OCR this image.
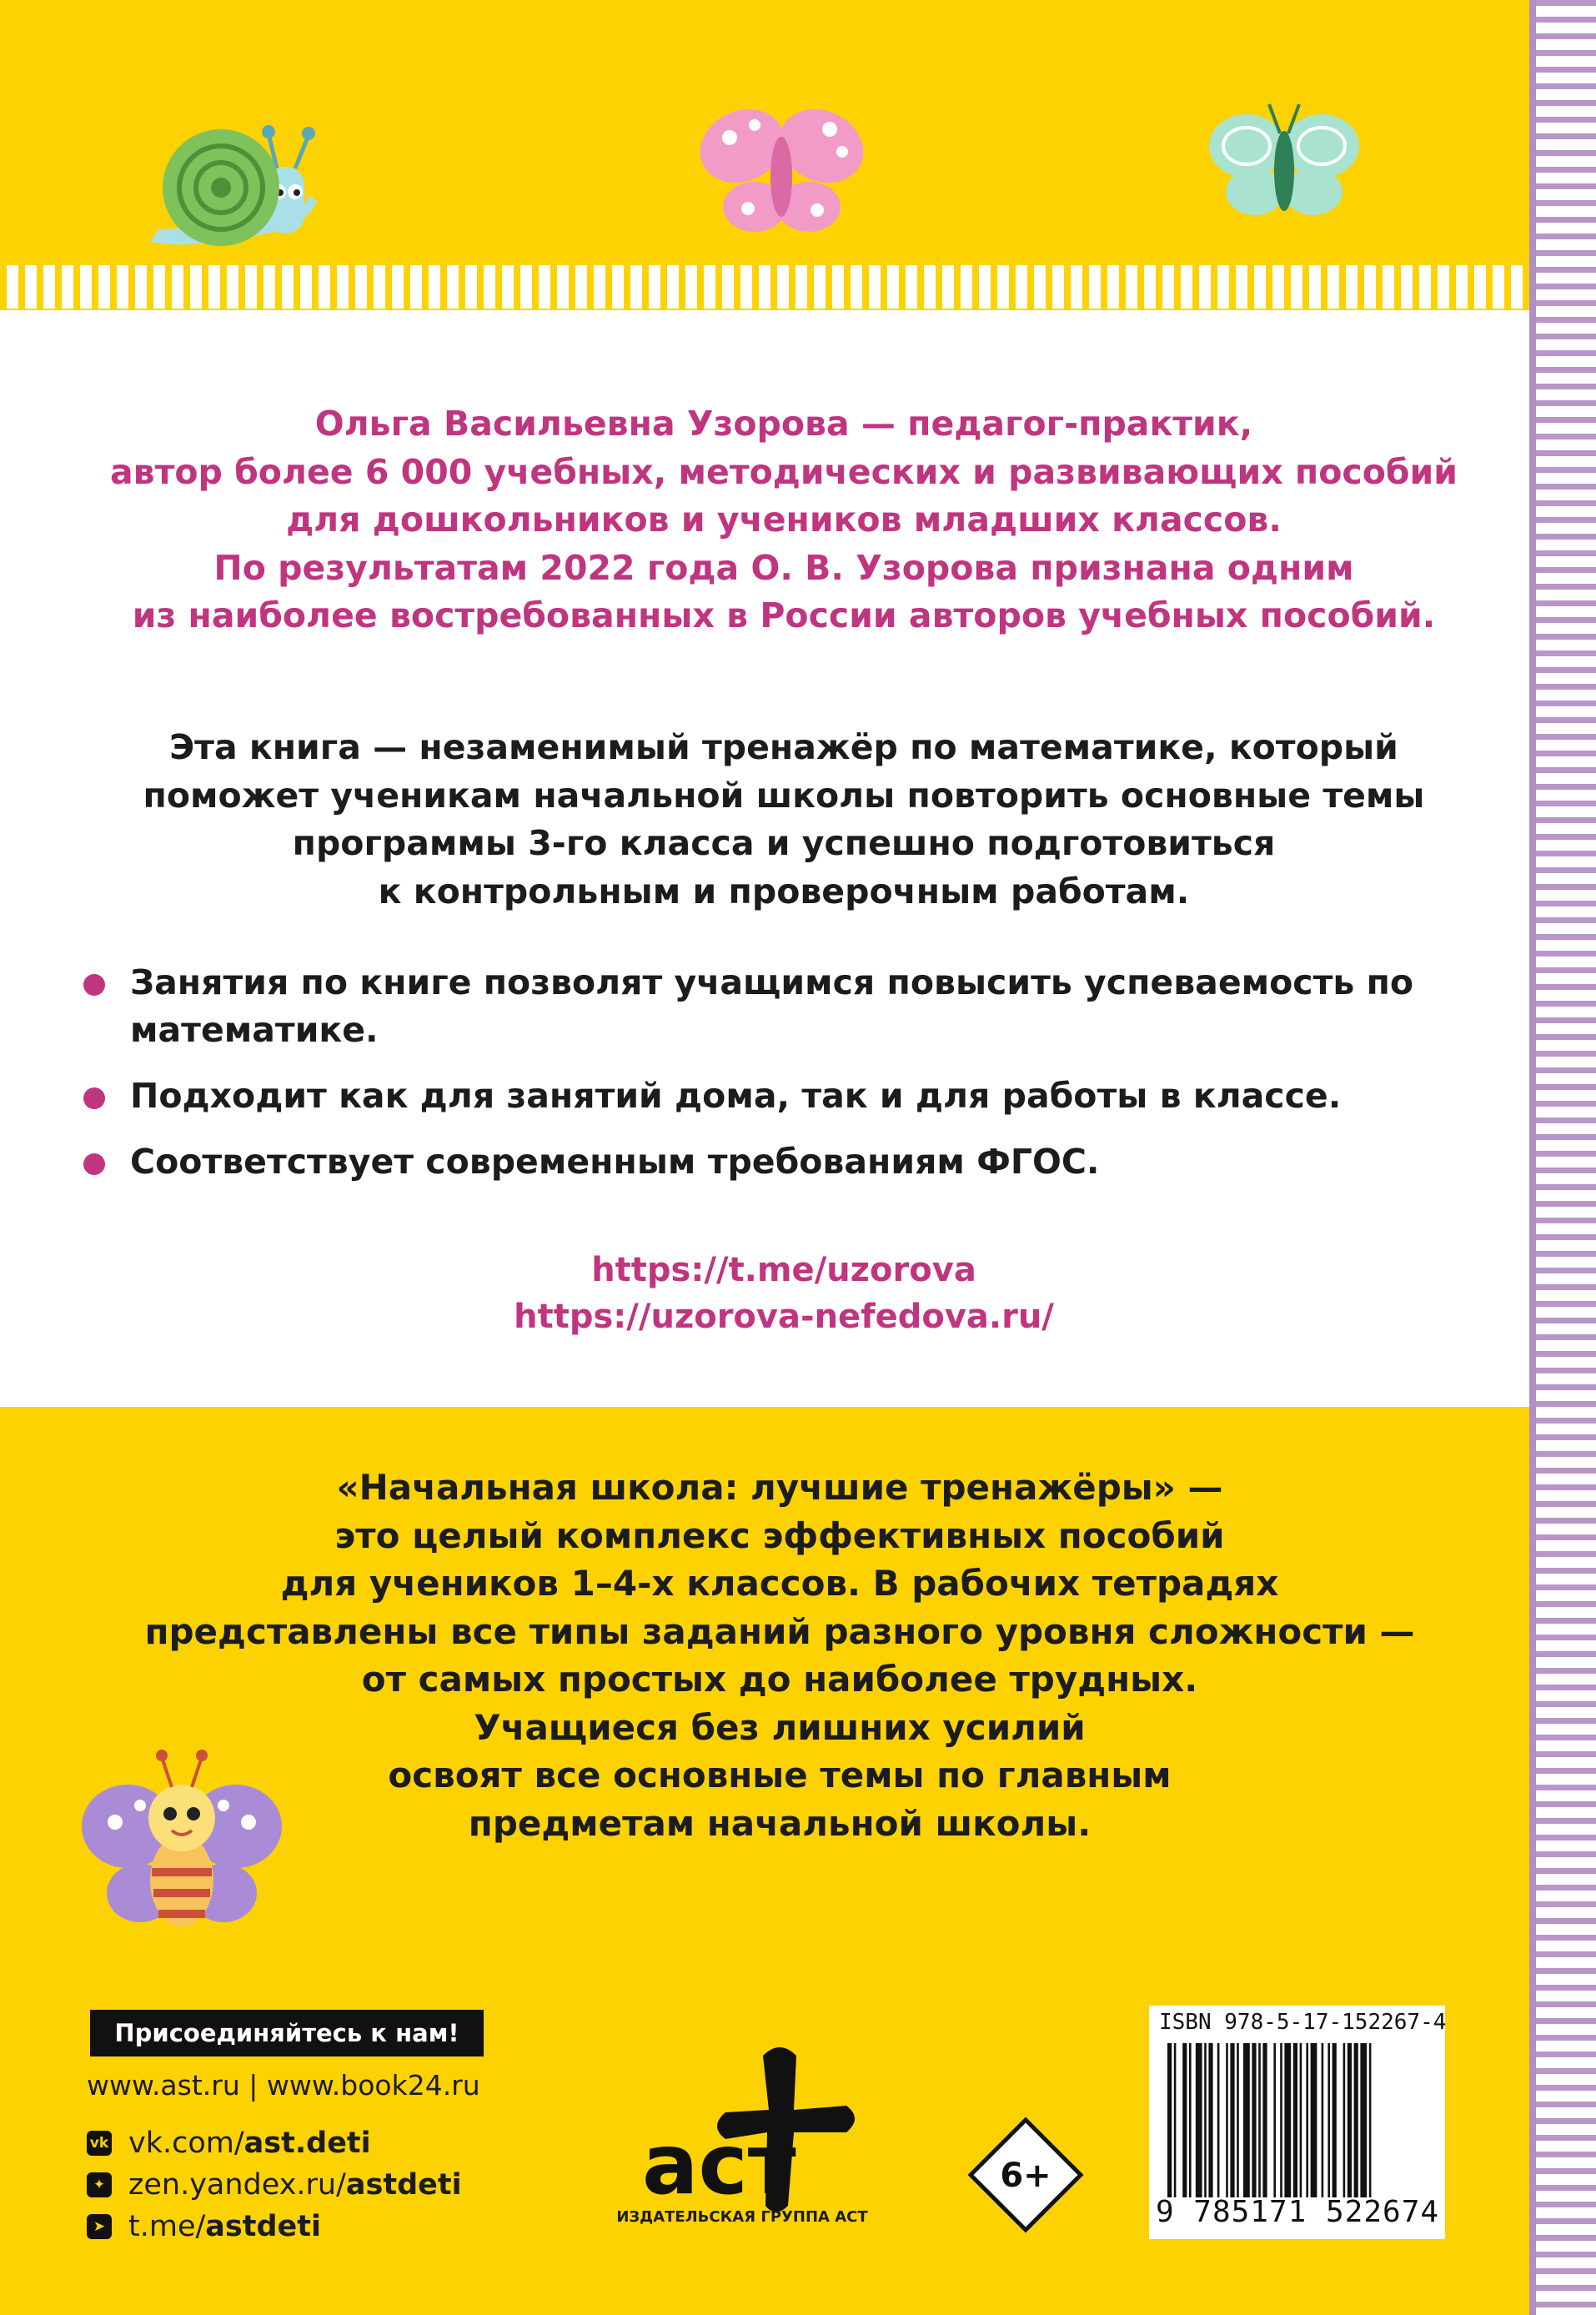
Ольга Васильевна Узорова — педагог-практик,
автор более 6 000 учебных, методических и развивающих пособий
для дошкольников и учеников младших классов.
По результатам 2022 года О. В. Узорова признана одним
из наиболее востребованных в России авторов учебных пособий.
Эта книга — незаменимый тренажёр по математике, который
поможет ученикам начальной школы повторить основные темы
программы 3-го класса и успешно подготовиться
к контрольным и проверочным работам.
Занятия по книге позволят учащимся повысить успеваемость по математике.
Подходит как для занятий дома, так и для работы в классе.
Соответствует современным требованиям ФГОС.
https://t.me/uzorova
https://uzorova-nefedova.ru/
«Начальная школа: лучшие тренажёры» —
это целый комплекс эффективных пособий
для учеников 1–4-х классов. В рабочих тетрадях
представлены все типы заданий разного уровня сложности —
от самых простых до наиболее трудных.
Учащиеся без лишних усилий
освоят все основные темы по главным
предметам начальной школы.
Присоединяйтесь к нам!
www.ast.ru | www.book24.ru
vk vk.com/ ast.deti
✦ zen.yandex.ru/ astdeti
➤ t.me/ astdeti
аст
ИЗДАТЕЛЬСКАЯ ГРУППА АСТ
6+
ISBN 978-5-17-152267-4
9 785171 522674
